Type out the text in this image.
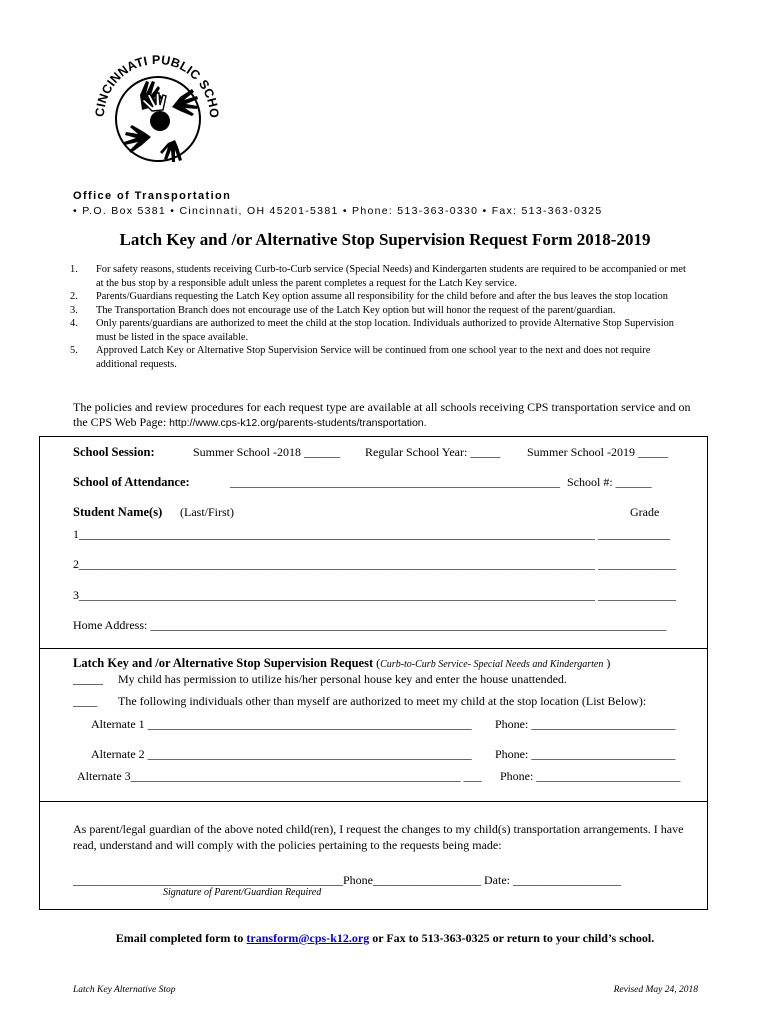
CINCINNATI PUBLIC SCHO
Office of Transportation
• P.O. Box 5381 • Cincinnati, OH 45201-5381 • Phone: 513-363-0330 • Fax: 513-363-0325
Latch Key and /or Alternative Stop Supervision Request Form 2018-2019
1. For safety reasons, students receiving Curb-to-Curb service (Special Needs) and Kindergarten students are required to be accompanied or met at the bus stop by a responsible adult unless the parent completes a request for the Latch Key service.
2. Parents/Guardians requesting the Latch Key option assume all responsibility for the child before and after the bus leaves the stop location
3. The Transportation Branch does not encourage use of the Latch Key option but will honor the request of the parent/guardian.
4. Only parents/guardians are authorized to meet the child at the stop location. Individuals authorized to provide Alternative Stop Supervision must be listed in the space available.
5. Approved Latch Key or Alternative Stop Supervision Service will be continued from one school year to the next and does not require additional requests.
The policies and review procedures for each request type are available at all schools receiving CPS transportation service and on the CPS Web Page: http://www.cps-k12.org/parents-students/transportation.
School Session:	Summer School -2018 ______ Regular School Year: _____ Summer School -2019 _____
School of Attendance:	_______________________________________________________ School #: ______
Student Name(s) (Last/First)	Grade
1______________________________________________________________________________________ ____________
2______________________________________________________________________________________ _____________
3______________________________________________________________________________________ _____________
Home Address: ______________________________________________________________________________________
Latch Key and /or Alternative Stop Supervision Request (Curb-to-Curb Service- Special Needs and Kindergarten )
_____ My child has permission to utilize his/her personal house key and enter the house unattended.
____ The following individuals other than myself are authorized to meet my child at the stop location (List Below):
Alternate 1 ______________________________________________________ Phone: ________________________
Alternate 2 ______________________________________________________ Phone: ________________________
Alternate 3_______________________________________________________ ___ Phone: ________________________
As parent/legal guardian of the above noted child(ren), I request the changes to my child(s) transportation arrangements. I have read, understand and will comply with the policies pertaining to the requests being made:
_____________________________________________Phone__________________ Date: __________________
Signature of Parent/Guardian Required
Email completed form to transform@cps-k12.org or Fax to 513-363-0325 or return to your child’s school.
Latch Key Alternative Stop	Revised May 24, 2018
